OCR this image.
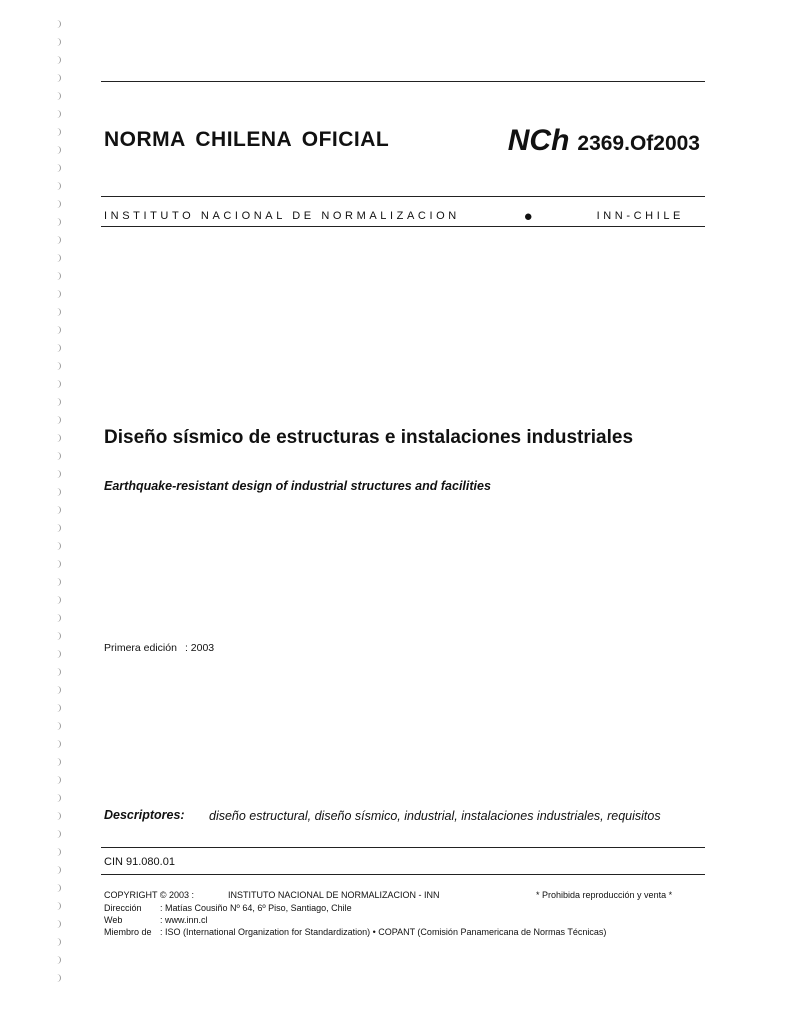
NORMA CHILENA OFICIAL	NCh 2369.Of2003
INSTITUTO NACIONAL DE NORMALIZACION	●	INN-CHILE
Diseño sísmico de estructuras e instalaciones industriales
Earthquake-resistant design of industrial structures and facilities
Primera edición : 2003
Descriptores: diseño estructural, diseño sísmico, industrial, instalaciones industriales, requisitos
CIN 91.080.01
COPYRIGHT © 2003 :	INSTITUTO NACIONAL DE NORMALIZACION - INN	* Prohibida reproducción y venta *
Dirección : Matías Cousiño Nº 64, 6º Piso, Santiago, Chile
Web	: www.inn.cl
Miembro de : ISO (International Organization for Standardization) • COPANT (Comisión Panamericana de Normas Técnicas)
